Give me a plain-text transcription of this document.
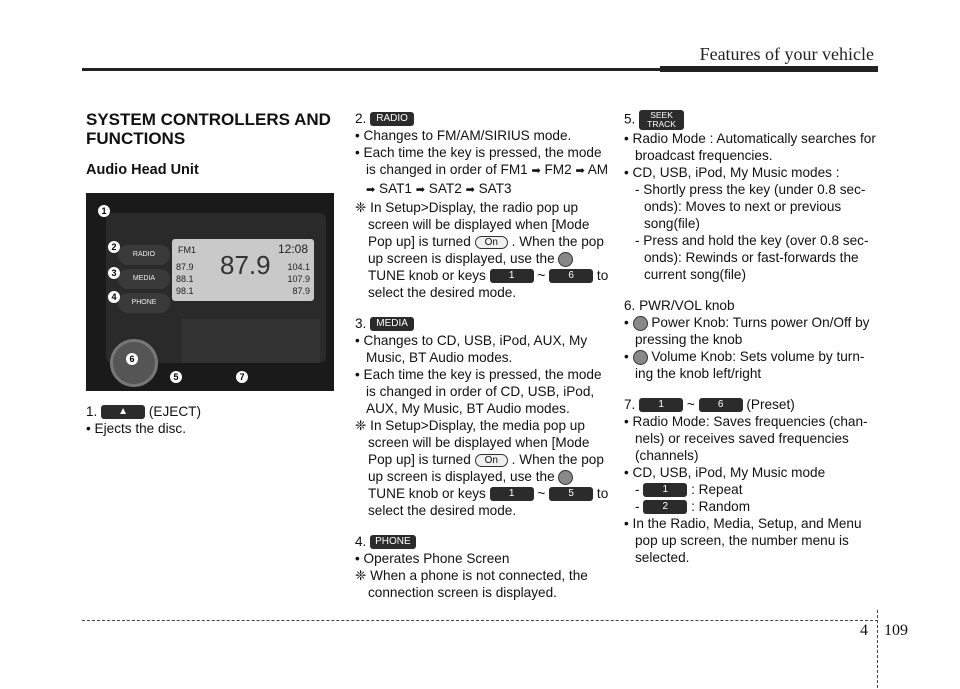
Features of your vehicle
SYSTEM CONTROLLERS AND FUNCTIONS
Audio Head Unit
FM1	12:08
87.9
88.1
98.1
87.9 104.1
107.9
87.9
RADIO
MEDIA
PHONE
1
2
3
4
5
6
7

1. ▲ (EJECT)

• Ejects the disc.

2. RADIO

• Changes to FM/AM/SIRIUS mode.

• Each time the key is pressed, the mode is changed in order of FM1 ➡ FM2 ➡ AM ➡ SAT1 ➡ SAT2 ➡ SAT3

❈ In Setup>Display, the radio pop up screen will be displayed when [Mode Pop up] is turned On . When the pop up screen is displayed, use the  TUNE knob or keys 1 ~ 6 to select the desired mode.

3. MEDIA

• Changes to CD, USB, iPod, AUX, My Music, BT Audio modes.

• Each time the key is pressed, the mode is changed in order of CD, USB, iPod, AUX, My Music, BT Audio modes.

❈ In Setup>Display, the media pop up screen will be displayed when [Mode Pop up] is turned On . When the pop up screen is displayed, use the  TUNE knob or keys 1 ~ 5 to select the desired mode.

4. PHONE

• Operates Phone Screen

❈ When a phone is not connected, the connection screen is displayed.

5. SEEK
TRACK

• Radio Mode : Automatically searches for broadcast frequencies.

• CD, USB, iPod, My Music modes :

- Shortly press the key (under 0.8 sec-onds): Moves to next or previous song(file)

- Press and hold the key (over 0.8 sec-onds): Rewinds or fast-forwards the current song(file)

6. PWR/VOL knob

•  Power Knob: Turns power On/Off by pressing the knob

•  Volume Knob: Sets volume by turn-ing the knob left/right

7. 1 ~ 6 (Preset)

• Radio Mode: Saves frequencies (chan-nels) or receives saved frequencies (channels)

• CD, USB, iPod, My Music mode

- 1 : Repeat

- 2 : Random

• In the Radio, Media, Setup, and Menu pop up screen, the number menu is selected.

4 109
